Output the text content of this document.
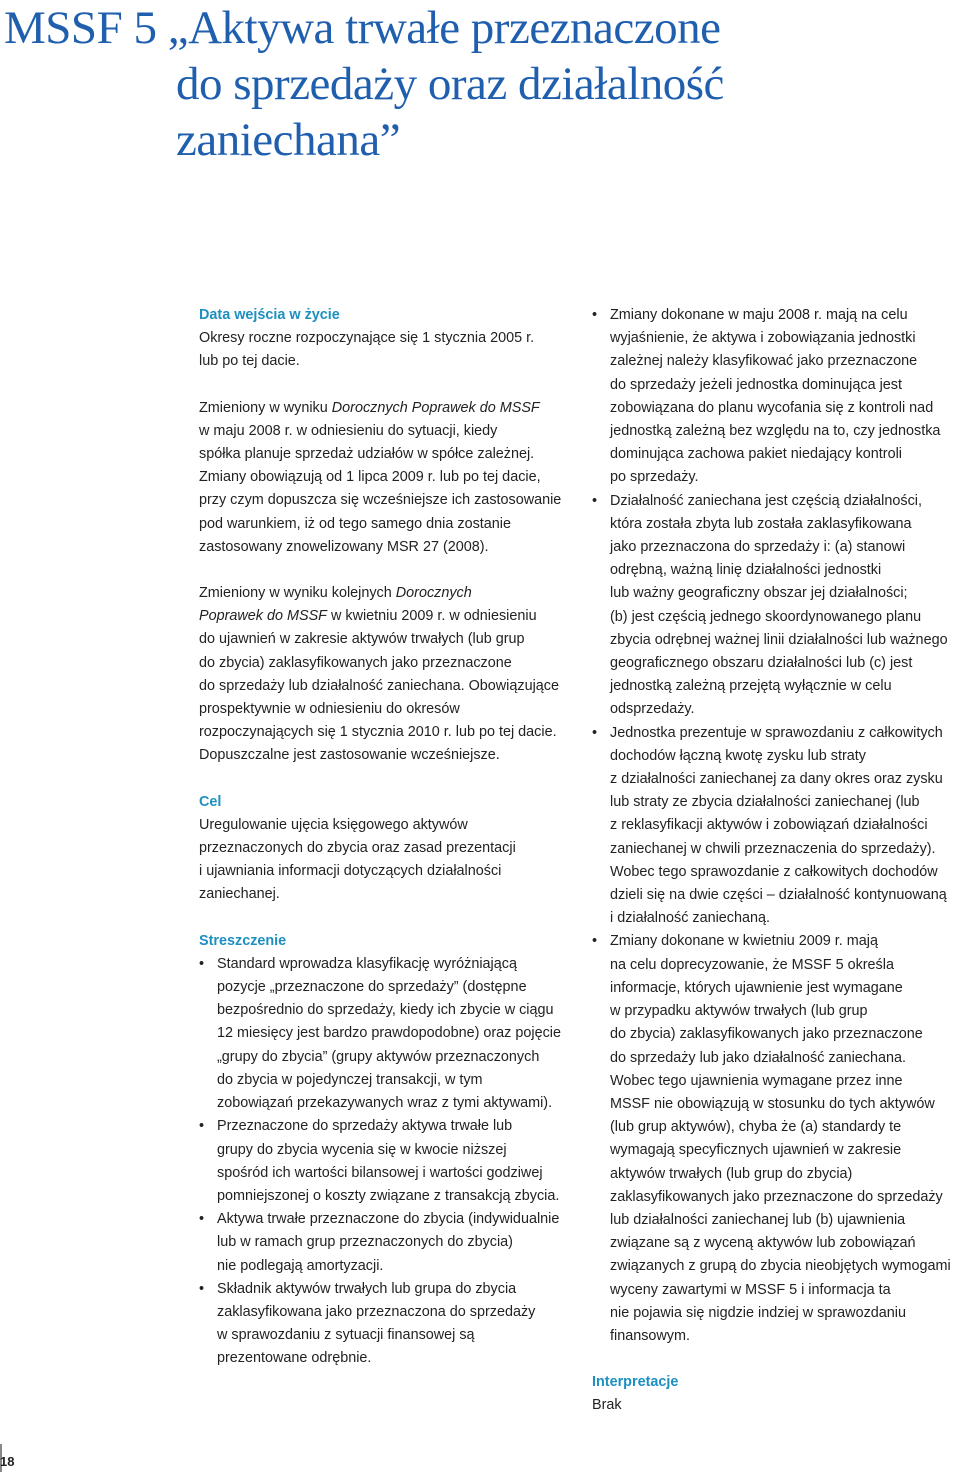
MSSF 5 „Aktywa trwałe przeznaczone
do sprzedaży oraz działalność
zaniechana”
Data wejścia w życie

Okresy roczne rozpoczynające się 1 stycznia 2005 r.
lub po tej dacie.

Zmieniony w wyniku Dorocznych Poprawek do MSSF
w maju 2008 r. w odniesieniu do sytuacji, kiedy
spółka planuje sprzedaż udziałów w spółce zależnej.
Zmiany obowiązują od 1 lipca 2009 r. lub po tej dacie,
przy czym dopuszcza się wcześniejsze ich zastosowanie
pod warunkiem, iż od tego samego dnia zostanie
zastosowany znowelizowany MSR 27 (2008).

Zmieniony w wyniku kolejnych Dorocznych
Poprawek do MSSF w kwietniu 2009 r. w odniesieniu
do ujawnień w zakresie aktywów trwałych (lub grup
do zbycia) zaklasyfikowanych jako przeznaczone
do sprzedaży lub działalność zaniechana. Obowiązujące
prospektywnie w odniesieniu do okresów
rozpoczynających się 1 stycznia 2010 r. lub po tej dacie.
Dopuszczalne jest zastosowanie wcześniejsze.

Cel

Uregulowanie ujęcia księgowego aktywów
przeznaczonych do zbycia oraz zasad prezentacji
i ujawniania informacji dotyczących działalności
zaniechanej.

Streszczenie
• Standard wprowadza klasyfikację wyróżniającą
pozycje „przeznaczone do sprzedaży” (dostępne
bezpośrednio do sprzedaży, kiedy ich zbycie w ciągu
12 miesięcy jest bardzo prawdopodobne) oraz pojęcie
„grupy do zbycia” (grupy aktywów przeznaczonych
do zbycia w pojedynczej transakcji, w tym
zobowiązań przekazywanych wraz z tymi aktywami).
• Przeznaczone do sprzedaży aktywa trwałe lub
grupy do zbycia wycenia się w kwocie niższej
spośród ich wartości bilansowej i wartości godziwej
pomniejszonej o koszty związane z transakcją zbycia.
• Aktywa trwałe przeznaczone do zbycia (indywidualnie
lub w ramach grup przeznaczonych do zbycia)
nie podlegają amortyzacji.
• Składnik aktywów trwałych lub grupa do zbycia
zaklasyfikowana jako przeznaczona do sprzedaży
w sprawozdaniu z sytuacji finansowej są
prezentowane odrębnie.
• Zmiany dokonane w maju 2008 r. mają na celu
wyjaśnienie, że aktywa i zobowiązania jednostki
zależnej należy klasyfikować jako przeznaczone
do sprzedaży jeżeli jednostka dominująca jest
zobowiązana do planu wycofania się z kontroli nad
jednostką zależną bez względu na to, czy jednostka
dominująca zachowa pakiet niedający kontroli
po sprzedaży.
• Działalność zaniechana jest częścią działalności,
która została zbyta lub została zaklasyfikowana
jako przeznaczona do sprzedaży i: (a) stanowi
odrębną, ważną linię działalności jednostki
lub ważny geograficzny obszar jej działalności;
(b) jest częścią jednego skoordynowanego planu
zbycia odrębnej ważnej linii działalności lub ważnego
geograficznego obszaru działalności lub (c) jest
jednostką zależną przejętą wyłącznie w celu
odsprzedaży.
• Jednostka prezentuje w sprawozdaniu z całkowitych
dochodów łączną kwotę zysku lub straty
z działalności zaniechanej za dany okres oraz zysku
lub straty ze zbycia działalności zaniechanej (lub
z reklasyfikacji aktywów i zobowiązań działalności
zaniechanej w chwili przeznaczenia do sprzedaży).
Wobec tego sprawozdanie z całkowitych dochodów
dzieli się na dwie części – działalność kontynuowaną
i działalność zaniechaną.
• Zmiany dokonane w kwietniu 2009 r. mają
na celu doprecyzowanie, że MSSF 5 określa
informacje, których ujawnienie jest wymagane
w przypadku aktywów trwałych (lub grup
do zbycia) zaklasyfikowanych jako przeznaczone
do sprzedaży lub jako działalność zaniechana.
Wobec tego ujawnienia wymagane przez inne
MSSF nie obowiązują w stosunku do tych aktywów
(lub grup aktywów), chyba że (a) standardy te
wymagają specyficznych ujawnień w zakresie
aktywów trwałych (lub grup do zbycia)
zaklasyfikowanych jako przeznaczone do sprzedaży
lub działalności zaniechanej lub (b) ujawnienia
związane są z wyceną aktywów lub zobowiązań
związanych z grupą do zbycia nieobjętych wymogami
wyceny zawartymi w MSSF 5 i informacja ta
nie pojawia się nigdzie indziej w sprawozdaniu
finansowym.
Interpretacje

Brak

18
